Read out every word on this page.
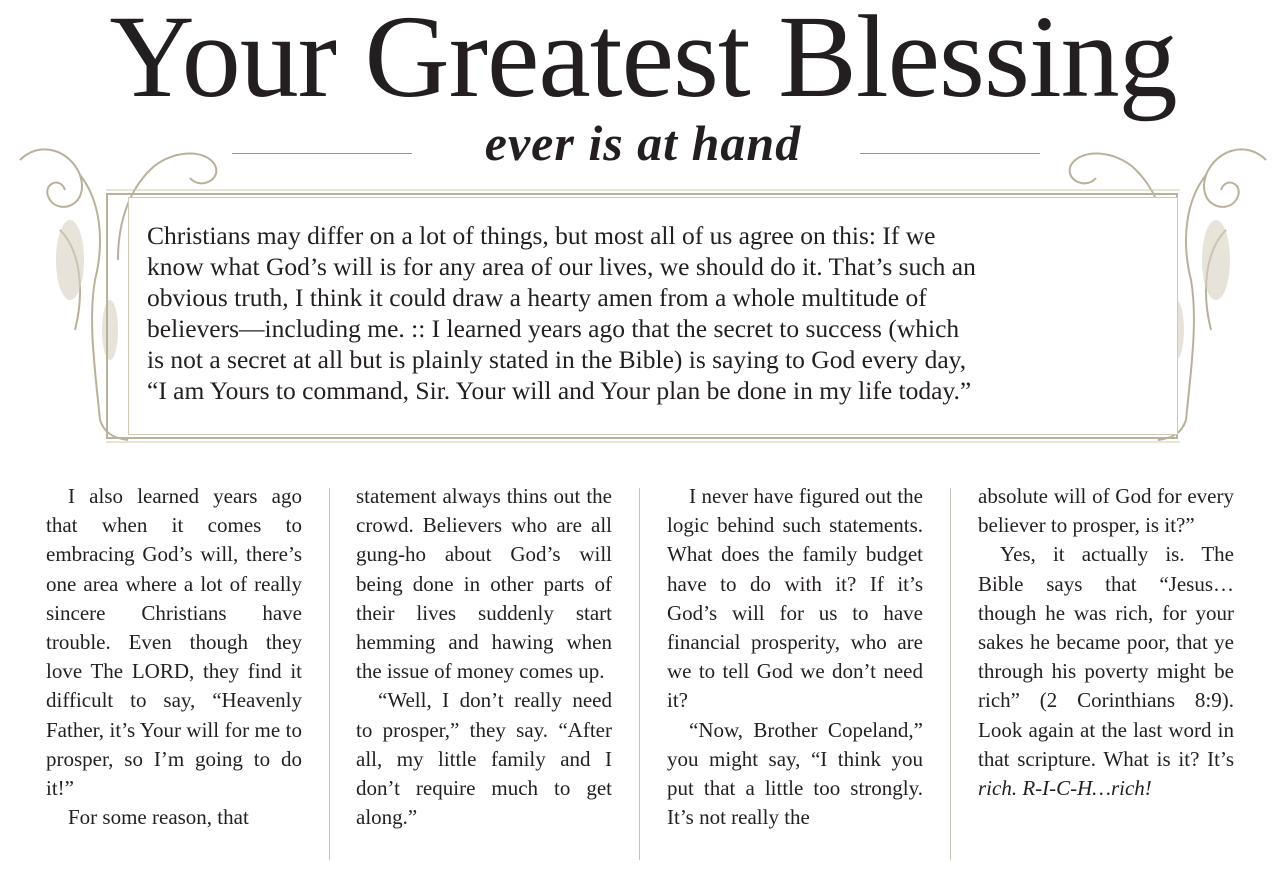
Your Greatest Blessing
ever is at hand
Christians may differ on a lot of things, but most all of us agree on this: If we
know what God’s will is for any area of our lives, we should do it. That’s such an
obvious truth, I think it could draw a hearty amen from a whole multitude of
believers—including me. :: I learned years ago that the secret to success (which
is not a secret at all but is plainly stated in the Bible) is saying to God every day,
“I am Yours to command, Sir. Your will and Your plan be done in my life today.”

I also learned years ago that when it comes to embracing God’s will, there’s one area where a lot of really sincere Christians have trouble. Even though they love The LORD, they find it difficult to say, “Heavenly Father, it’s Your will for me to prosper, so I’m going to do it!”

For some reason, that

statement always thins out the crowd. Believers who are all gung-ho about God’s will being done in other parts of their lives suddenly start hemming and hawing when the issue of money comes up.

“Well, I don’t really need to prosper,” they say. “After all, my little family and I don’t require much to get along.”

I never have figured out the logic behind such statements. What does the family budget have to do with it? If it’s God’s will for us to have financial prosperity, who are we to tell God we don’t need it?

“Now, Brother Copeland,” you might say, “I think you put that a little too strongly. It’s not really the

absolute will of God for every believer to prosper, is it?”

Yes, it actually is. The Bible says that “Jesus… though he was rich, for your sakes he became poor, that ye through his poverty might be rich” (2 Corinthians 8:9). Look again at the last word in that scripture. What is it? It’s rich. R-I-C-H…rich!
